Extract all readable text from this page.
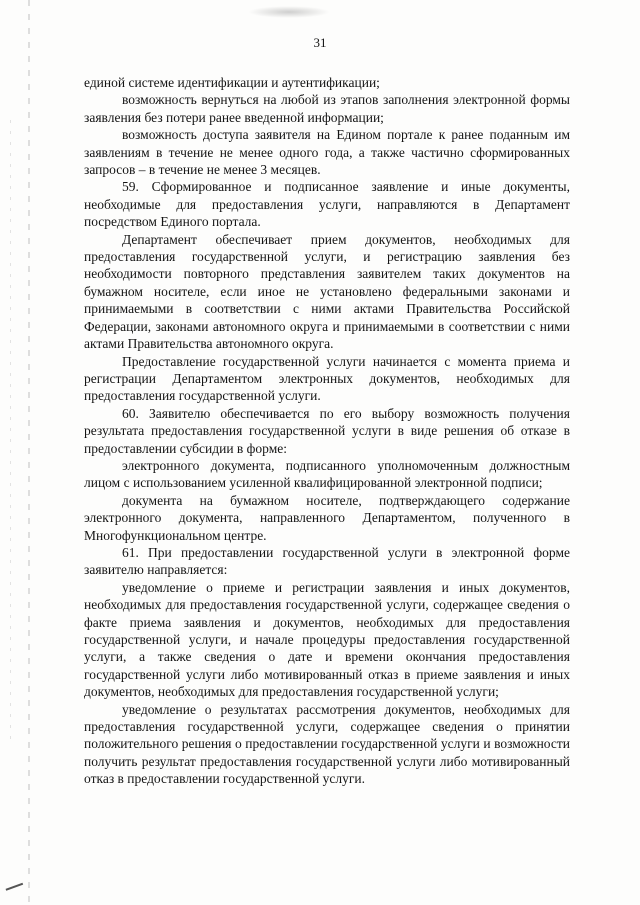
31

единой системе идентификации и аутентификации;

возможность вернуться на любой из этапов заполнения электронной формы заявления без потери ранее введенной информации;

возможность доступа заявителя на Едином портале к ранее поданным им заявлениям в течение не менее одного года, а также частично сформированных запросов – в течение не менее 3 месяцев.

59. Сформированное и подписанное заявление и иные документы, необходимые для предоставления услуги, направляются в Департамент посредством Единого портала.

Департамент обеспечивает прием документов, необходимых для предоставления государственной услуги, и регистрацию заявления без необходимости повторного представления заявителем таких документов на бумажном носителе, если иное не установлено федеральными законами и принимаемыми в соответствии с ними актами Правительства Российской Федерации, законами автономного округа и принимаемыми в соответствии с ними актами Правительства автономного округа.

Предоставление государственной услуги начинается с момента приема и регистрации Департаментом электронных документов, необходимых для предоставления государственной услуги.

60. Заявителю обеспечивается по его выбору возможность получения результата предоставления государственной услуги в виде решения об отказе в предоставлении субсидии в форме:

электронного документа, подписанного уполномоченным должностным лицом с использованием усиленной квалифицированной электронной подписи;

документа на бумажном носителе, подтверждающего содержание электронного документа, направленного Департаментом, полученного в Многофункциональном центре.

61. При предоставлении государственной услуги в электронной форме заявителю направляется:

уведомление о приеме и регистрации заявления и иных документов, необходимых для предоставления государственной услуги, содержащее сведения о факте приема заявления и документов, необходимых для предоставления государственной услуги, и начале процедуры предоставления государственной услуги, а также сведения о дате и времени окончания предоставления государственной услуги либо мотивированный отказ в приеме заявления и иных документов, необходимых для предоставления государственной услуги;

уведомление о результатах рассмотрения документов, необходимых для предоставления государственной услуги, содержащее сведения о принятии положительного решения о предоставлении государственной услуги и возможности получить результат предоставления государственной услуги либо мотивированный отказ в предоставлении государственной услуги.
